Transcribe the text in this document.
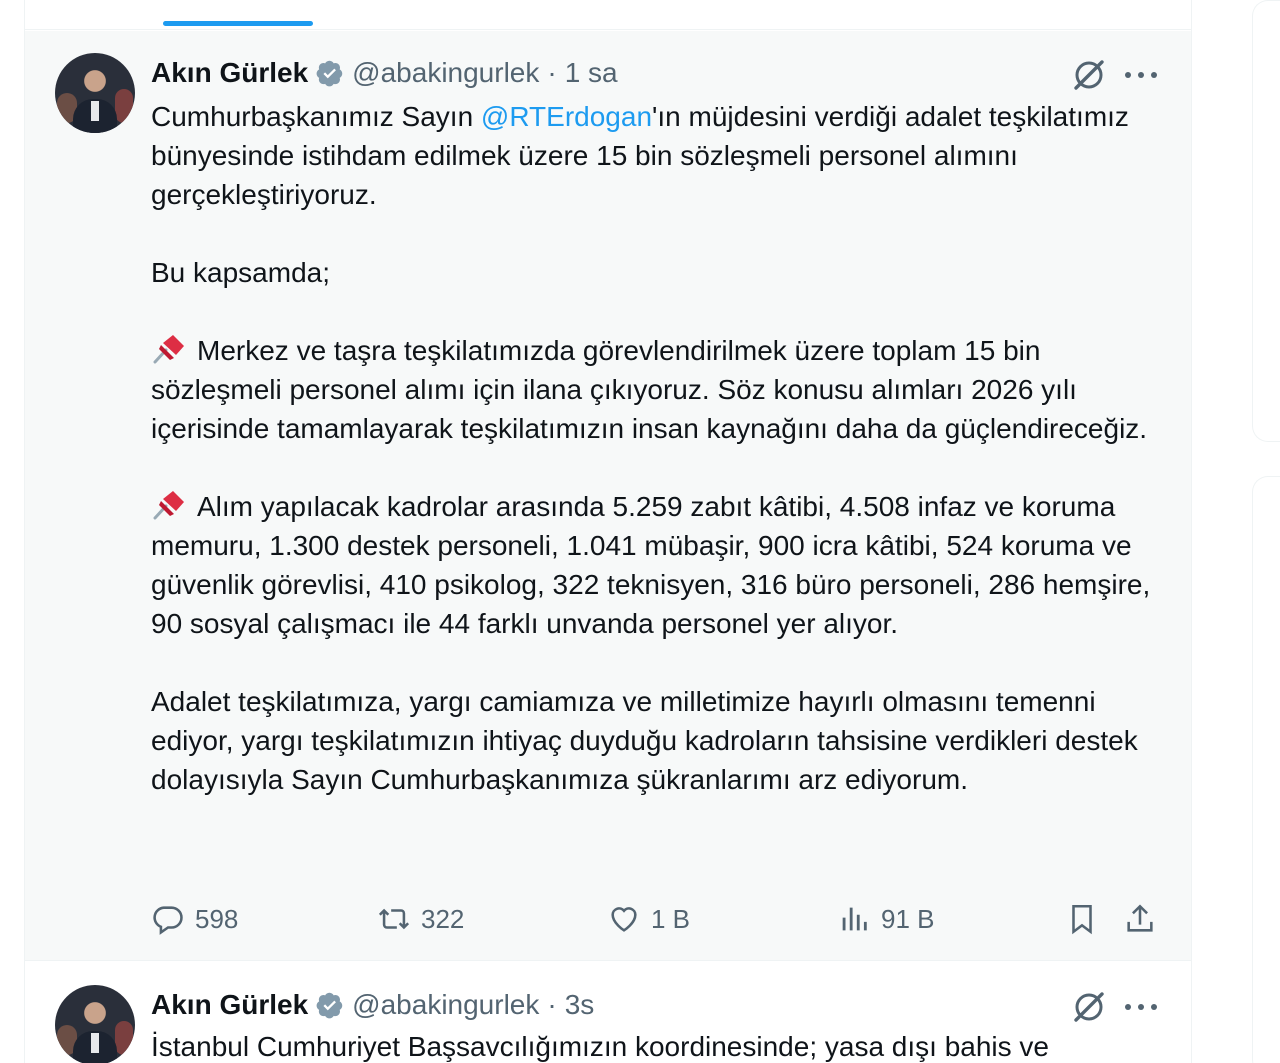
Akın Gürlek @abakingurlek · 1 sa

Cumhurbaşkanımız Sayın @RTErdogan'ın müjdesini verdiği adalet teşkilatımız bünyesinde istihdam edilmek üzere 15 bin sözleşmeli personel alımını gerçekleştiriyoruz.

Bu kapsamda;

Merkez ve taşra teşkilatımızda görevlendirilmek üzere toplam 15 bin sözleşmeli personel alımı için ilana çıkıyoruz. Söz konusu alımları 2026 yılı içerisinde tamamlayarak teşkilatımızın insan kaynağını daha da güçlendireceğiz.

Alım yapılacak kadrolar arasında 5.259 zabıt kâtibi, 4.508 infaz ve koruma memuru, 1.300 destek personeli, 1.041 mübaşir, 900 icra kâtibi, 524 koruma ve güvenlik görevlisi, 410 psikolog, 322 teknisyen, 316 büro personeli, 286 hemşire, 90 sosyal çalışmacı ile 44 farklı unvanda personel yer alıyor.

Adalet teşkilatımıza, yargı camiamıza ve milletimize hayırlı olmasını temenni ediyor, yargı teşkilatımızın ihtiyaç duyduğu kadroların tahsisine verdikleri destek dolayısıyla Sayın Cumhurbaşkanımıza şükranlarımı arz ediyorum.

598	322	1 B	91 B
Akın Gürlek @abakingurlek · 3s

İstanbul Cumhuriyet Başsavcılığımızın koordinesinde; yasa dışı bahis ve
